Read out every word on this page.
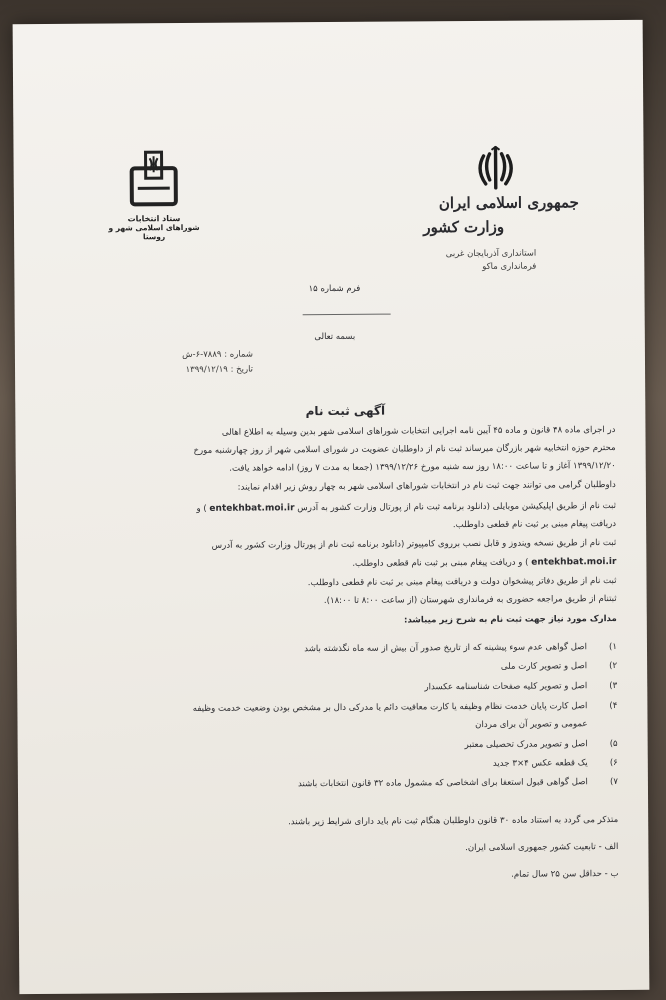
ستاد انتخابات
شوراهای اسلامی شهر و روستا
جمهوری اسلامی ایران
وزارت کشور
استانداری آذربایجان غربی
فرمانداری ماکو
فرم شماره ۱۵
بسمه تعالی
شماره : ۷۸۸۹-۶-ش
تاریخ : ۱۳۹۹/۱۲/۱۹
آگهی ثبت نام
در اجرای ماده ۴۸ قانون و ماده ۴۵ آیین نامه اجرایی انتخابات شوراهای اسلامی شهر بدین وسیله به اطلاع اهالی
محترم حوزه انتخابیه شهر بازرگان میرساند ثبت نام از داوطلبان عضویت در شورای اسلامی شهر از روز چهارشنبه مورخ
۱۳۹۹/۱۲/۲۰ آغاز و تا ساعت ۱۸:۰۰ روز سه شنبه مورخ ۱۳۹۹/۱۲/۲۶ (جمعا به مدت ۷ روز) ادامه خواهد یافت.
داوطلبان گرامی می توانند جهت ثبت نام در انتخابات شوراهای اسلامی شهر به چهار روش زیر اقدام نمایند:
ثبت نام از طریق اپلیکیشن موبایلی (دانلود برنامه ثبت نام از پورتال وزارت کشور به آدرس entekhbat.moi.ir ) و
دریافت پیغام مبنی بر ثبت نام قطعی داوطلب.
ثبت نام از طریق نسخه ویندوز و قابل نصب برروی کامپیوتر (دانلود برنامه ثبت نام از پورتال وزارت کشور به آدرس
entekhbat.moi.ir ) و دریافت پیغام مبنی بر ثبت نام قطعی داوطلب.
ثبت نام از طریق دفاتر پیشخوان دولت و دریافت پیغام مبنی بر ثبت نام قطعی داوطلب.
ثبتنام از طریق مراجعه حضوری به فرمانداری شهرستان (از ساعت ۸:۰۰ تا ۱۸:۰۰).
مدارک مورد نیاز جهت ثبت نام به شرح زیر میباشد:
۱)
اصل گواهی عدم سوء پیشینه که از تاریخ صدور آن بیش از سه ماه نگذشته باشد
۲)
اصل و تصویر کارت ملی
۳)
اصل و تصویر کلیه صفحات شناسنامه عکسدار
۴)
اصل کارت پایان خدمت نظام وظیفه یا کارت معافیت دائم یا مدرکی دال بر مشخص بودن وضعیت خدمت وظیفه
عمومی و تصویر آن برای مردان
۵)
اصل و تصویر مدرک تحصیلی معتبر
۶)
یک قطعه عکس ۴×۳ جدید
۷)
اصل گواهی قبول استعفا برای اشخاصی که مشمول ماده ۳۲ قانون انتخابات باشند
متذکر می گردد به استناد ماده ۳۰ قانون داوطلبان هنگام ثبت نام باید دارای شرایط زیر باشند.
الف - تابعیت کشور جمهوری اسلامی ایران.
ب - حداقل سن ۲۵ سال تمام.
